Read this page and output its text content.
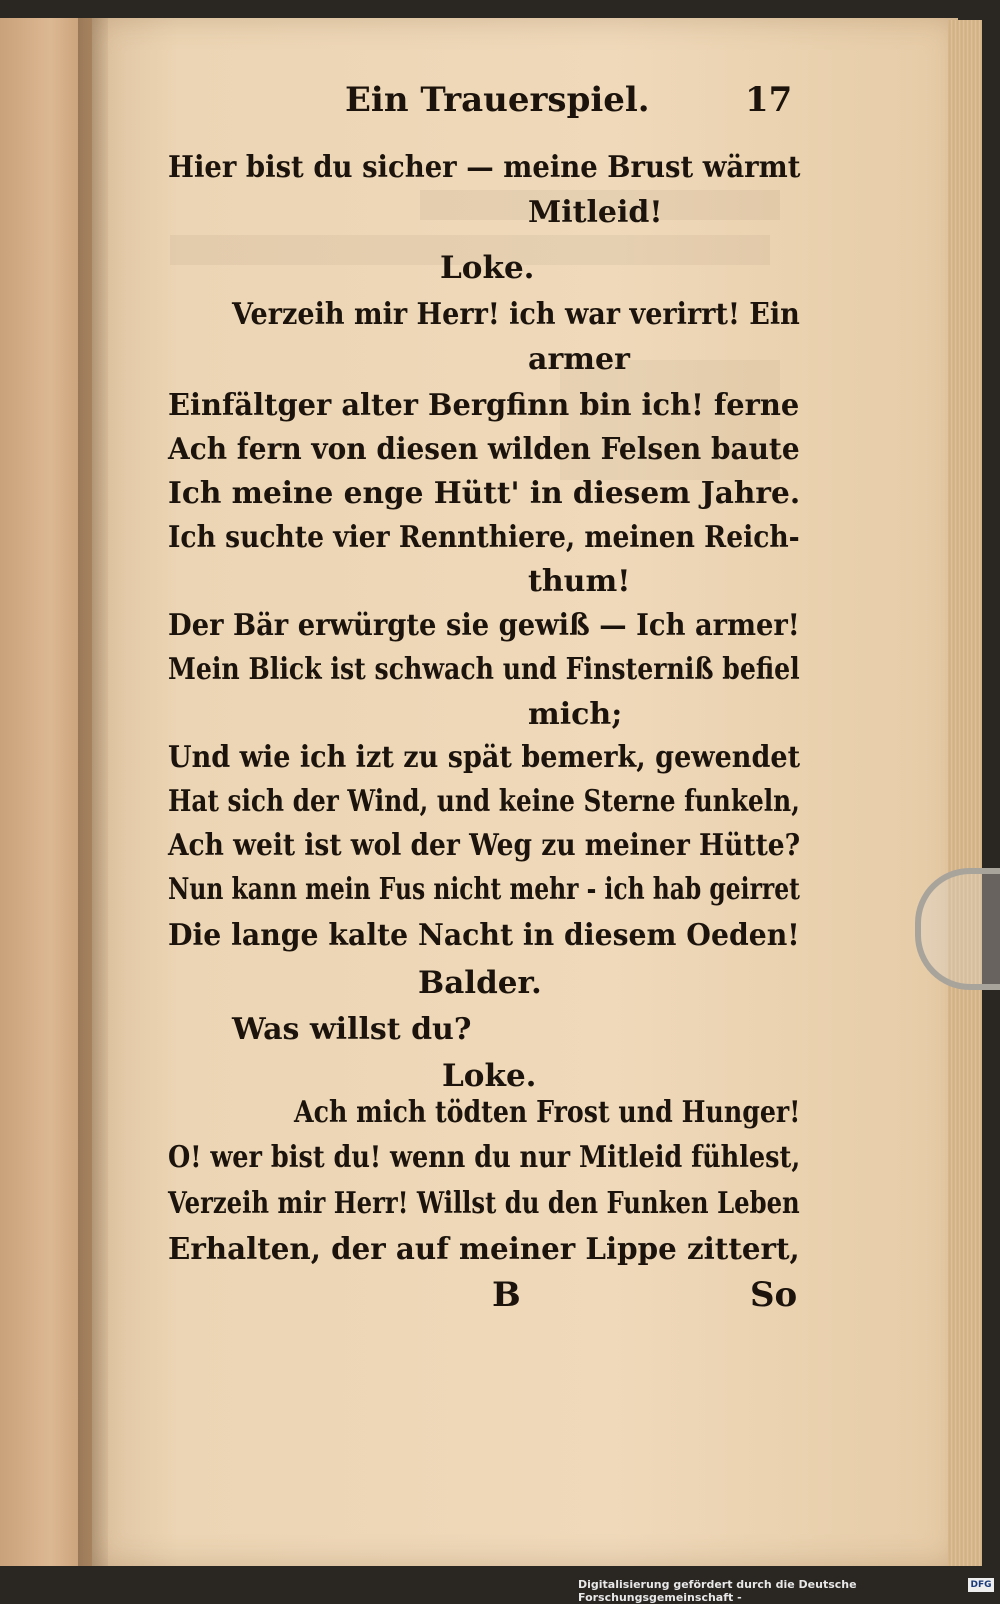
Ein Trauerspiel.	17
Hier bist du sicher — meine Brust wärmt
Mitleid!
Loke.
Verzeih mir Herr! ich war verirrt! Ein
armer
Einfältger alter Bergfinn bin ich! ferne
Ach fern von diesen wilden Felsen baute
Ich meine enge Hütt' in diesem Jahre.
Ich suchte vier Rennthiere, meinen Reich-
thum!
Der Bär erwürgte sie gewiß — Ich armer!
Mein Blick ist schwach und Finsterniß befiel
mich;
Und wie ich izt zu spät bemerk, gewendet
Hat sich der Wind, und keine Sterne funkeln,
Ach weit ist wol der Weg zu meiner Hütte?
Nun kann mein Fus nicht mehr - ich hab geirret
Die lange kalte Nacht in diesem Oeden!
Balder.
Was willst du?
Loke.
Ach mich tödten Frost und Hunger!
O! wer bist du! wenn du nur Mitleid fühlest,
Verzeih mir Herr! Willst du den Funken Leben
Erhalten, der auf meiner Lippe zittert,
B	So
Digitalisierung gefördert durch die Deutsche Forschungsgemeinschaft -
DFG
